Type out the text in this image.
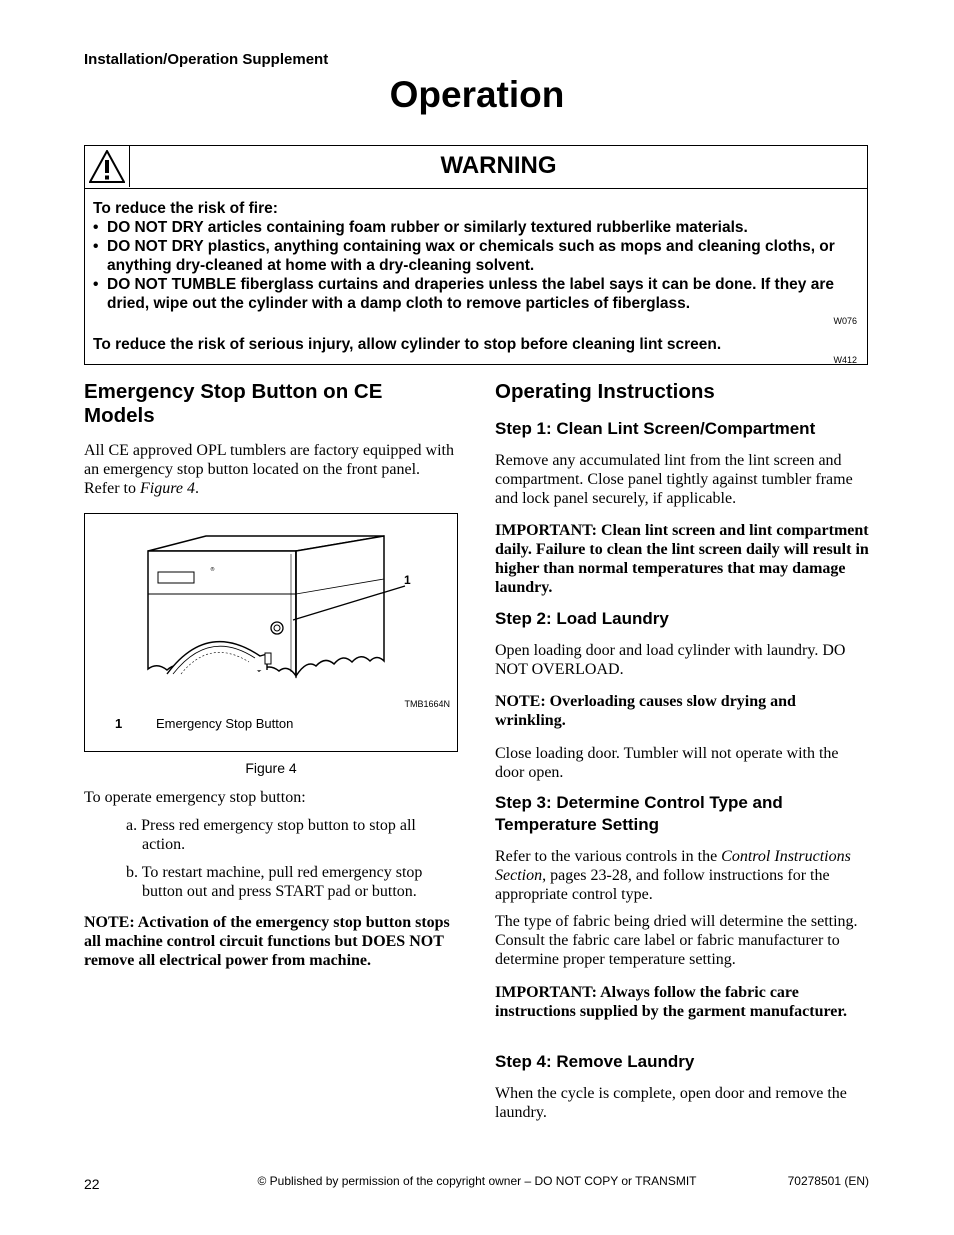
Installation/Operation Supplement
Operation
WARNING
To reduce the risk of fire:
• DO NOT DRY articles containing foam rubber or similarly textured rubberlike materials.
• DO NOT DRY plastics, anything containing wax or chemicals such as mops and cleaning cloths, or anything dry-cleaned at home with a dry-cleaning solvent.
• DO NOT TUMBLE fiberglass curtains and draperies unless the label says it can be done. If they are dried, wipe out the cylinder with a damp cloth to remove particles of fiberglass.
W076
To reduce the risk of serious injury, allow cylinder to stop before cleaning lint screen.
W412
Emergency Stop Button on CE Models

All CE approved OPL tumblers are factory equipped with an emergency stop button located on the front panel. Refer to Figure 4.

®
TMB1664N
1	Emergency Stop Button
1
Figure 4

To operate emergency stop button:

a. Press red emergency stop button to stop all action.
b. To restart machine, pull red emergency stop button out and press START pad or button.

NOTE: Activation of the emergency stop button stops all machine control circuit functions but DOES NOT remove all electrical power from machine.

Operating Instructions
Step 1: Clean Lint Screen/Compartment

Remove any accumulated lint from the lint screen and compartment. Close panel tightly against tumbler frame and lock panel securely, if applicable.

IMPORTANT: Clean lint screen and lint compartment daily. Failure to clean the lint screen daily will result in higher than normal temperatures that may damage laundry.

Step 2: Load Laundry

Open loading door and load cylinder with laundry. DO NOT OVERLOAD.

NOTE: Overloading causes slow drying and wrinkling.

Close loading door. Tumbler will not operate with the door open.

Step 3: Determine Control Type and Temperature Setting

Refer to the various controls in the Control Instructions Section, pages 23-28, and follow instructions for the appropriate control type.

The type of fabric being dried will determine the setting. Consult the fabric care label or fabric manufacturer to determine proper temperature setting.

IMPORTANT: Always follow the fabric care instructions supplied by the garment manufacturer.

Step 4: Remove Laundry

When the cycle is complete, open door and remove the laundry.

22	© Published by permission of the copyright owner – DO NOT COPY or TRANSMIT	70278501 (EN)
